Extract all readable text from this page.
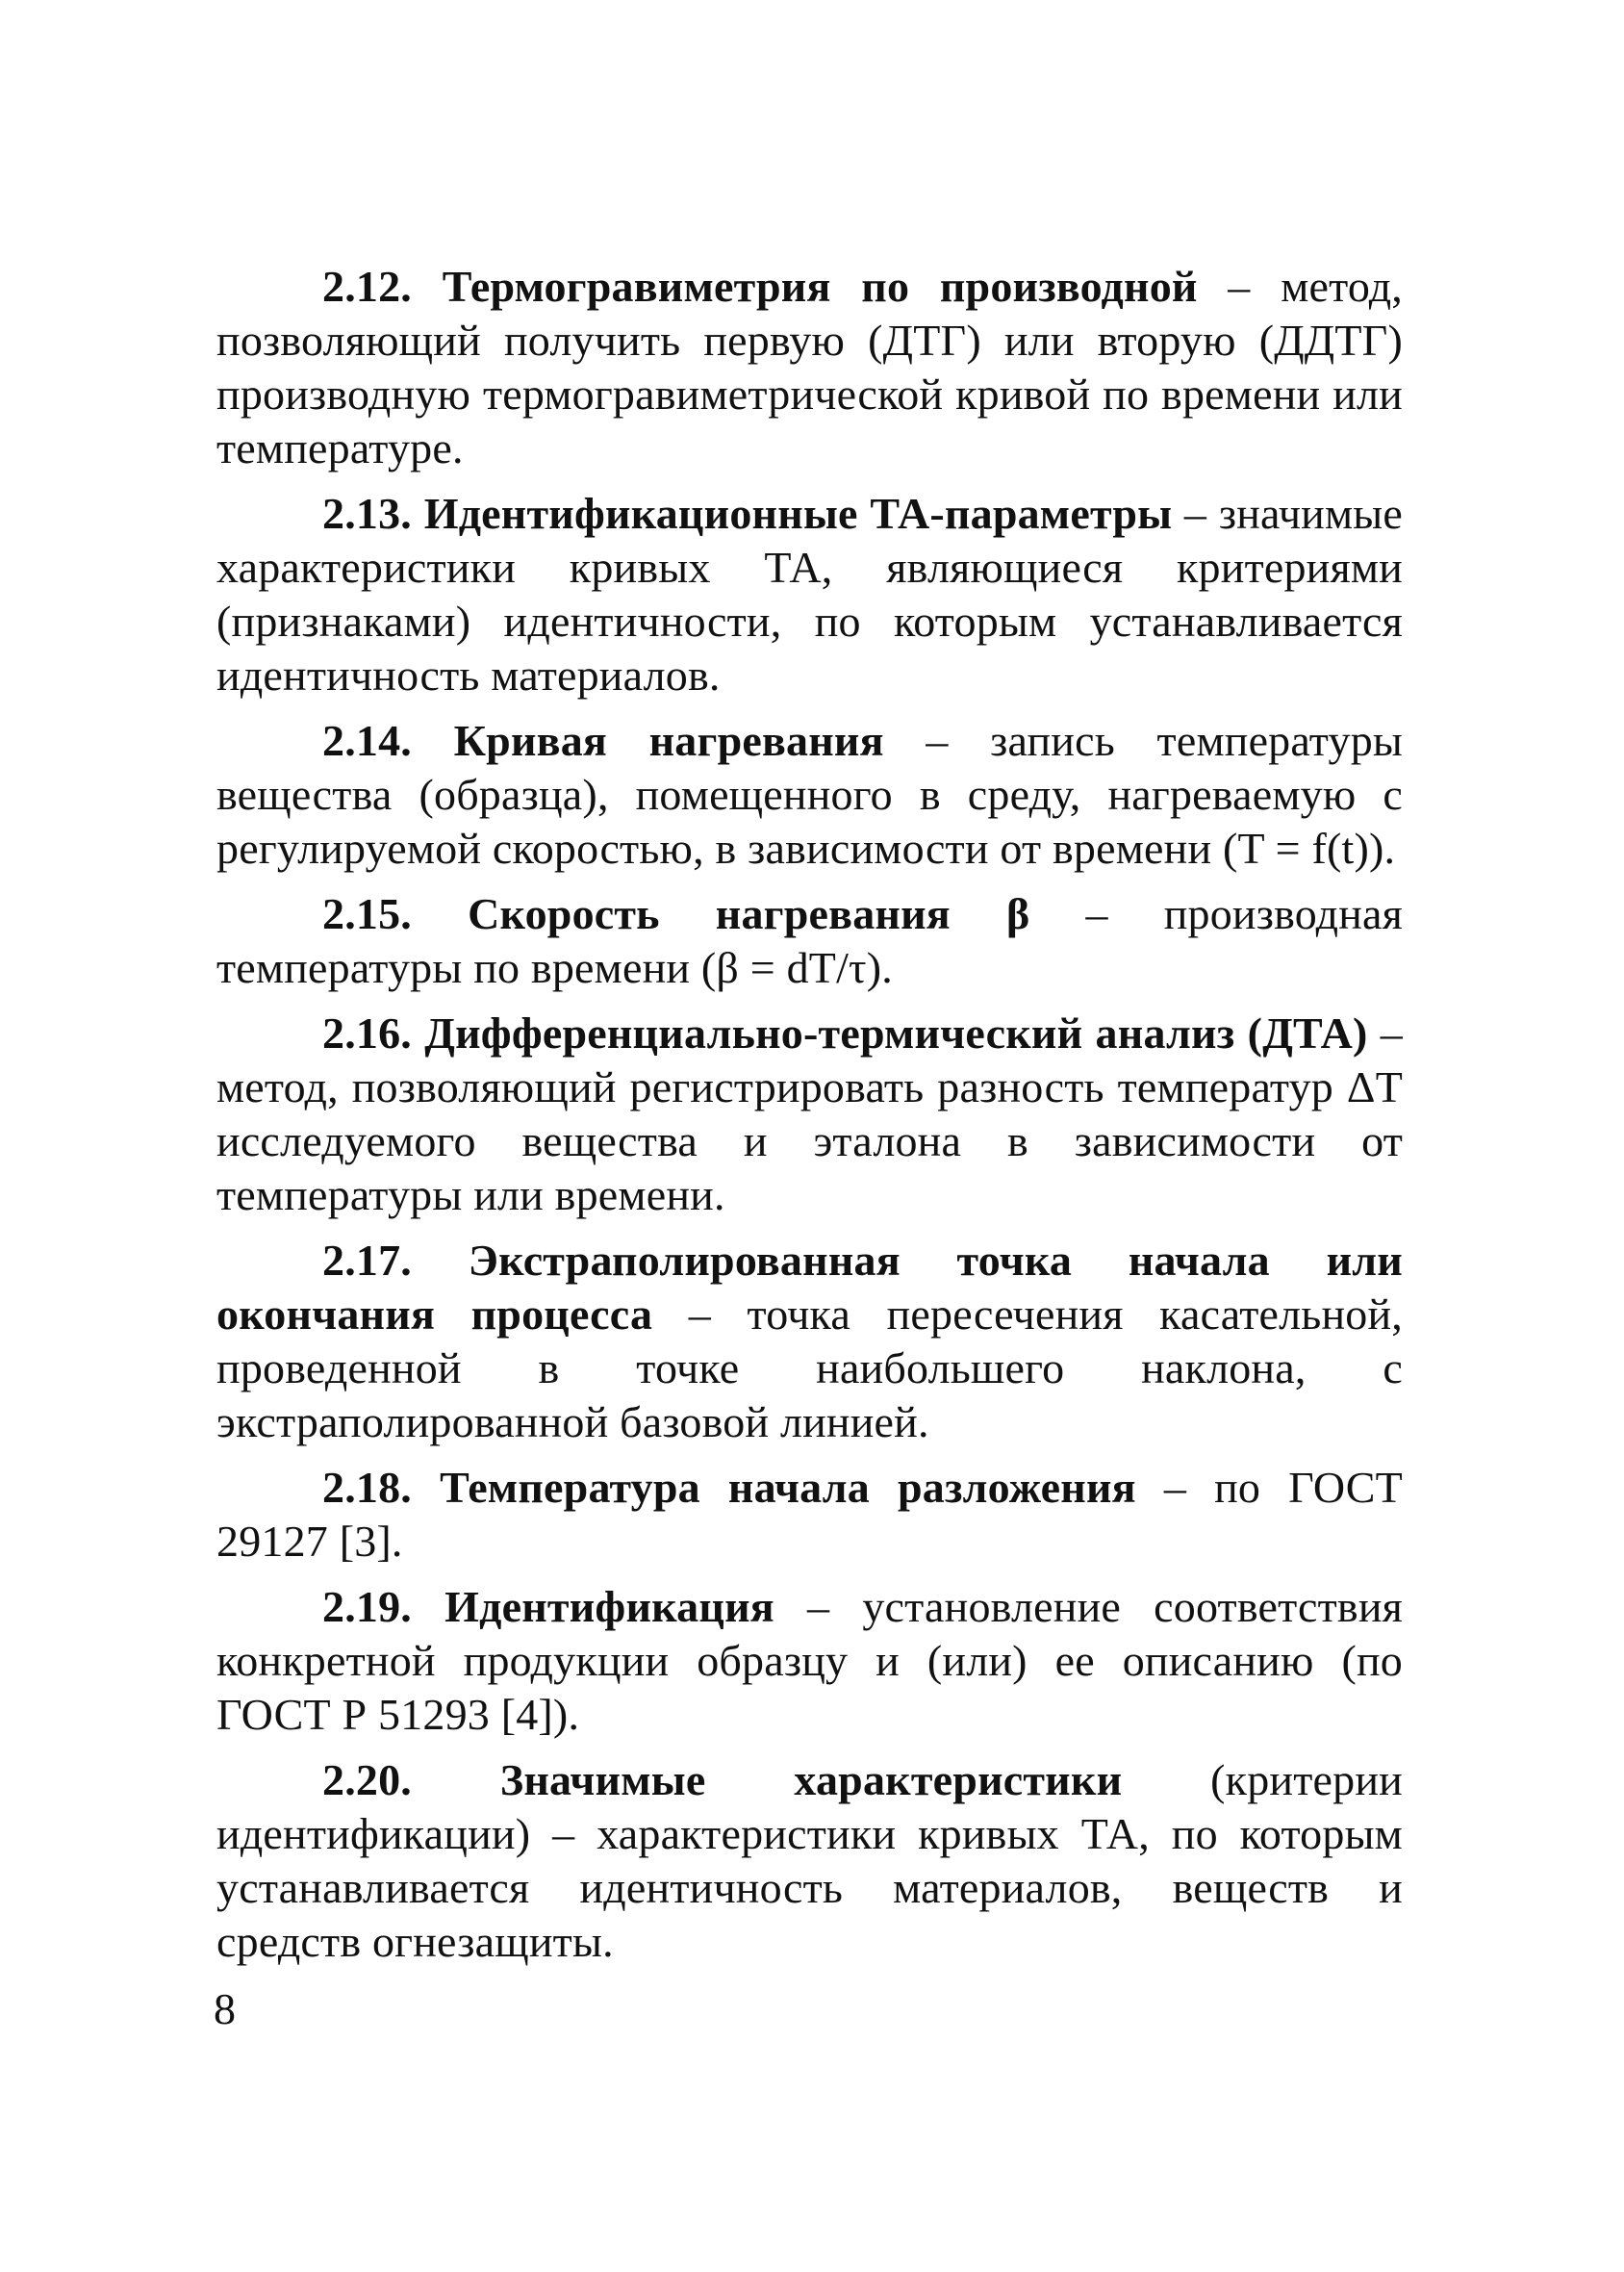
2.12. Термогравиметрия по производной – метод, позволяющий получить первую (ДТГ) или вторую (ДДТГ) производную термогравиметрической кривой по времени или температуре.

2.13. Идентификационные ТА-параметры – значимые характеристики кривых ТА, являющиеся критериями (признаками) идентичности, по которым устанавливается идентичность материалов.

2.14. Кривая нагревания – запись температуры вещества (образца), помещенного в среду, нагреваемую с регулируемой скоростью, в зависимости от времени (T = f(t)).

2.15. Скорость нагревания β – производная температуры по времени (β = dT/τ).

2.16. Дифференциально-термический анализ (ДТА) – метод, позволяющий регистрировать разность температур ΔT исследуемого вещества и эталона в зависимости от температуры или времени.

2.17. Экстраполированная точка начала или окончания процесса – точка пересечения касательной, проведенной в точке наибольшего наклона, с экстраполированной базовой линией.

2.18. Температура начала разложения – по ГОСТ 29127 [3].

2.19. Идентификация – установление соответствия конкретной продукции образцу и (или) ее описанию (по ГОСТ Р 51293 [4]).

2.20. Значимые характеристики (критерии идентификации) – характеристики кривых ТА, по которым устанавливается идентичность материалов, веществ и средств огнезащиты.

8
